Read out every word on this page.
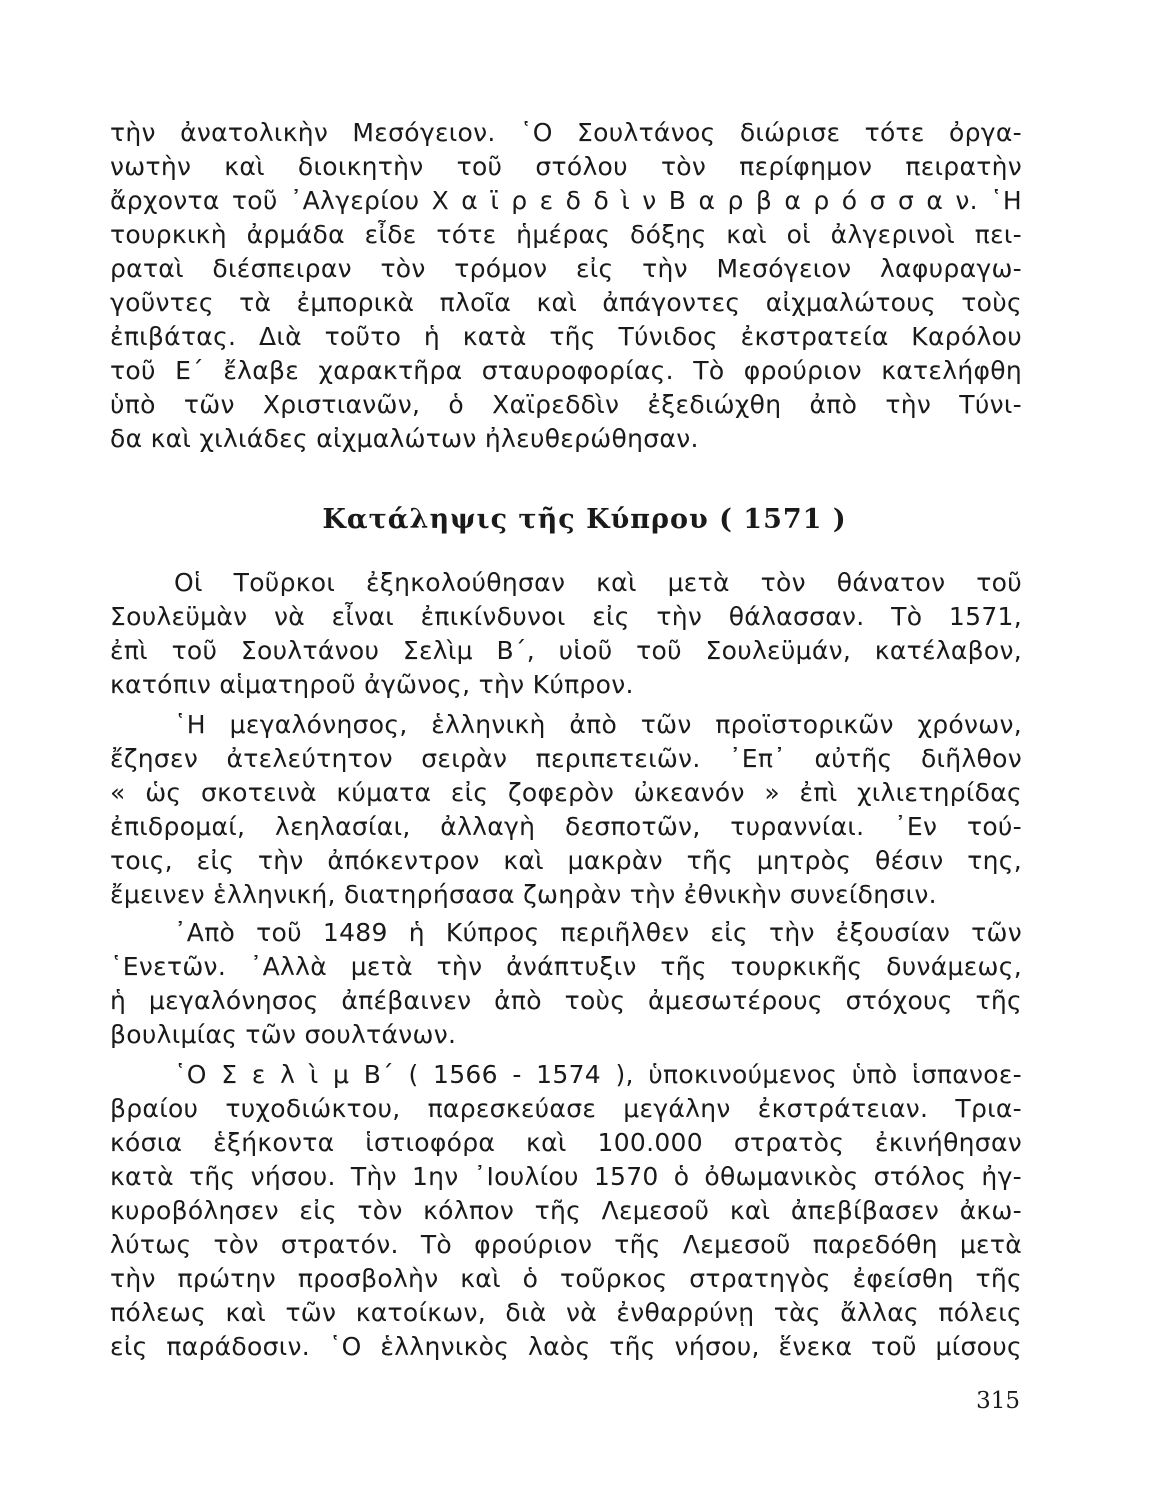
τὴν ἀνατολικὴν Μεσόγειον. ῾Ο Σουλτάνος διώρισε τότε ὀργα-
νωτὴν καὶ διοικητὴν τοῦ στόλου τὸν περίφημον πειρατὴν
ἄρχοντα τοῦ ᾿Αλγερίου Χ α ϊ ρ ε δ δ ὶ ν Β α ρ β α ρ ό σ σ α ν. ῾Η
τουρκικὴ ἀρμάδα εἶδε τότε ἡμέρας δόξης καὶ οἱ ἀλγερινοὶ πει-
ραταὶ διέσπειραν τὸν τρόμον εἰς τὴν Μεσόγειον λαφυραγω-
γοῦντες τὰ ἐμπορικὰ πλοῖα καὶ ἀπάγοντες αἰχμαλώτους τοὺς
ἐπιβάτας. Διὰ τοῦτο ἡ κατὰ τῆς Τύνιδος ἐκστρατεία Καρόλου
τοῦ Ε΄ ἔλαβε χαρακτῆρα σταυροφορίας. Τὸ φρούριον κατελήφθη
ὑπὸ τῶν Χριστιανῶν, ὁ Χαϊρεδδὶν ἐξεδιώχθη ἀπὸ τὴν Τύνι-
δα καὶ χιλιάδες αἰχμαλώτων ἠλευθερώθησαν.
Κατάληψις τῆς Κύπρου ( 1571 )
Οἱ Τοῦρκοι ἐξηκολούθησαν καὶ μετὰ τὸν θάνατον τοῦ
Σουλεϋμὰν νὰ εἶναι ἐπικίνδυνοι εἰς τὴν θάλασσαν. Τὸ 1571,
ἐπὶ τοῦ Σουλτάνου Σελὶμ Β΄, υἱοῦ τοῦ Σουλεϋμάν, κατέλαβον,
κατόπιν αἱματηροῦ ἀγῶνος, τὴν Κύπρον.
῾Η μεγαλόνησος, ἑλληνικὴ ἀπὸ τῶν προϊστορικῶν χρόνων,
ἔζησεν ἀτελεύτητον σειρὰν περιπετειῶν. ᾿Επ᾿ αὐτῆς διῆλθον
« ὡς σκοτεινὰ κύματα εἰς ζοφερὸν ὠκεανόν » ἐπὶ χιλιετηρίδας
ἐπιδρομαί, λεηλασίαι, ἀλλαγὴ δεσποτῶν, τυραννίαι. ᾿Εν τού-
τοις, εἰς τὴν ἀπόκεντρον καὶ μακρὰν τῆς μητρὸς θέσιν της,
ἔμεινεν ἑλληνική, διατηρήσασα ζωηρὰν τὴν ἐθνικὴν συνείδησιν.
᾿Απὸ τοῦ 1489 ἡ Κύπρος περιῆλθεν εἰς τὴν ἐξουσίαν τῶν
῾Ενετῶν. ᾿Αλλὰ μετὰ τὴν ἀνάπτυξιν τῆς τουρκικῆς δυνάμεως,
ἡ μεγαλόνησος ἀπέβαινεν ἀπὸ τοὺς ἀμεσωτέρους στόχους τῆς
βουλιμίας τῶν σουλτάνων.
῾Ο Σ ε λ ὶ μ Β΄ ( 1566 - 1574 ), ὑποκινούμενος ὑπὸ ἱσπανοε-
βραίου τυχοδιώκτου, παρεσκεύασε μεγάλην ἐκστράτειαν. Τρια-
κόσια ἑξήκοντα ἱστιοφόρα καὶ 100.000 στρατὸς ἐκινήθησαν
κατὰ τῆς νήσου. Τὴν 1ην ᾿Ιουλίου 1570 ὁ ὀθωμανικὸς στόλος ἠγ-
κυροβόλησεν εἰς τὸν κόλπον τῆς Λεμεσοῦ καὶ ἀπεβίβασεν ἀκω-
λύτως τὸν στρατόν. Τὸ φρούριον τῆς Λεμεσοῦ παρεδόθη μετὰ
τὴν πρώτην προσβολὴν καὶ ὁ τοῦρκος στρατηγὸς ἐφείσθη τῆς
πόλεως καὶ τῶν κατοίκων, διὰ νὰ ἐνθαρρύνῃ τὰς ἄλλας πόλεις
εἰς παράδοσιν. ῾Ο ἑλληνικὸς λαὸς τῆς νήσου, ἕνεκα τοῦ μίσους
315
